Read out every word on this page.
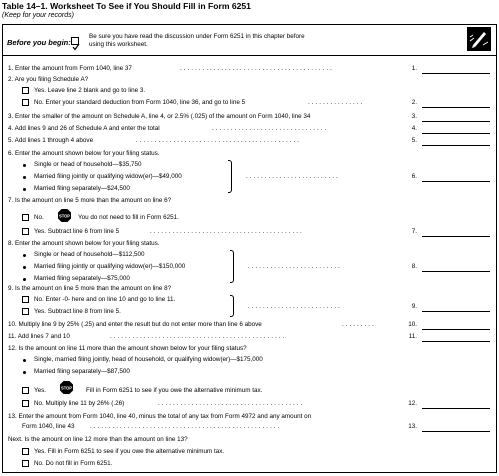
Table 14–1. Worksheet To See if You Should Fill in Form 6251
(Keep for your records)
Before you begin:
Be sure you have read the discussion under Form 6251 in this chapter before
using this worksheet.
1. Enter the amount from Form 1040, line 37	.........................................	1.
2. Are you filing Schedule A?
Yes. Leave line 2 blank and go to line 3.
No. Enter your standard deduction from Form 1040, line 36, and go to line 5	...............	2.
3. Enter the smaller of the amount on Schedule A, line 4, or 2.5% (.025) of the amount on Form 1040, line 34	3.
4. Add lines 9 and 26 of Schedule A and enter the total	...............................	4.
5. Add lines 1 through 4 above	............................................	5.
6. Enter the amount shown below for your filing status.
Single or head of household—$35,750
Married filing jointly or qualifying widow(er)—$49,000
Married filing separately—$24,500
.........................	6.
7. Is the amount on line 5 more than the amount on line 6?
No.	STOP You do not need to fill in Form 6251.
Yes. Subtract line 6 from line 5	.........................................	7.
8. Enter the amount shown below for your filing status.
Single or head of household—$112,500
Married filing jointly or qualifying widow(er)—$150,000
Married filing separately—$75,000
.........................	8.
9. Is the amount on line 5 more than the amount on line 8?
No. Enter -0- here and on line 10 and go to line 11.
Yes. Subtract line 8 from line 5.
.........................	9.
10. Multiply line 9 by 25% (.25) and enter the result but do not enter more than line 6 above	.........	10.
11. Add lines 7 and 10	...............................................	11.
12. Is the amount on line 11 more than the amount shown below for your filing status?
Single, married filing jointly, head of household, or qualifying widow(er)—$175,000
Married filing separately—$87,500
Yes.	STOP Fill in Form 6251 to see if you owe the alternative minimum tax.
No. Multiply line 11 by 26% (.26)	.......................................	12.
13. Enter the amount from Form 1040, line 40, minus the total of any tax from Form 4972 and any amount on
Form 1040, line 43 ...................................................	13.
Next. Is the amount on line 12 more than the amount on line 13?
Yes. Fill in Form 6251 to see if you owe the alternative minimum tax.
No. Do not fill in Form 6251.
